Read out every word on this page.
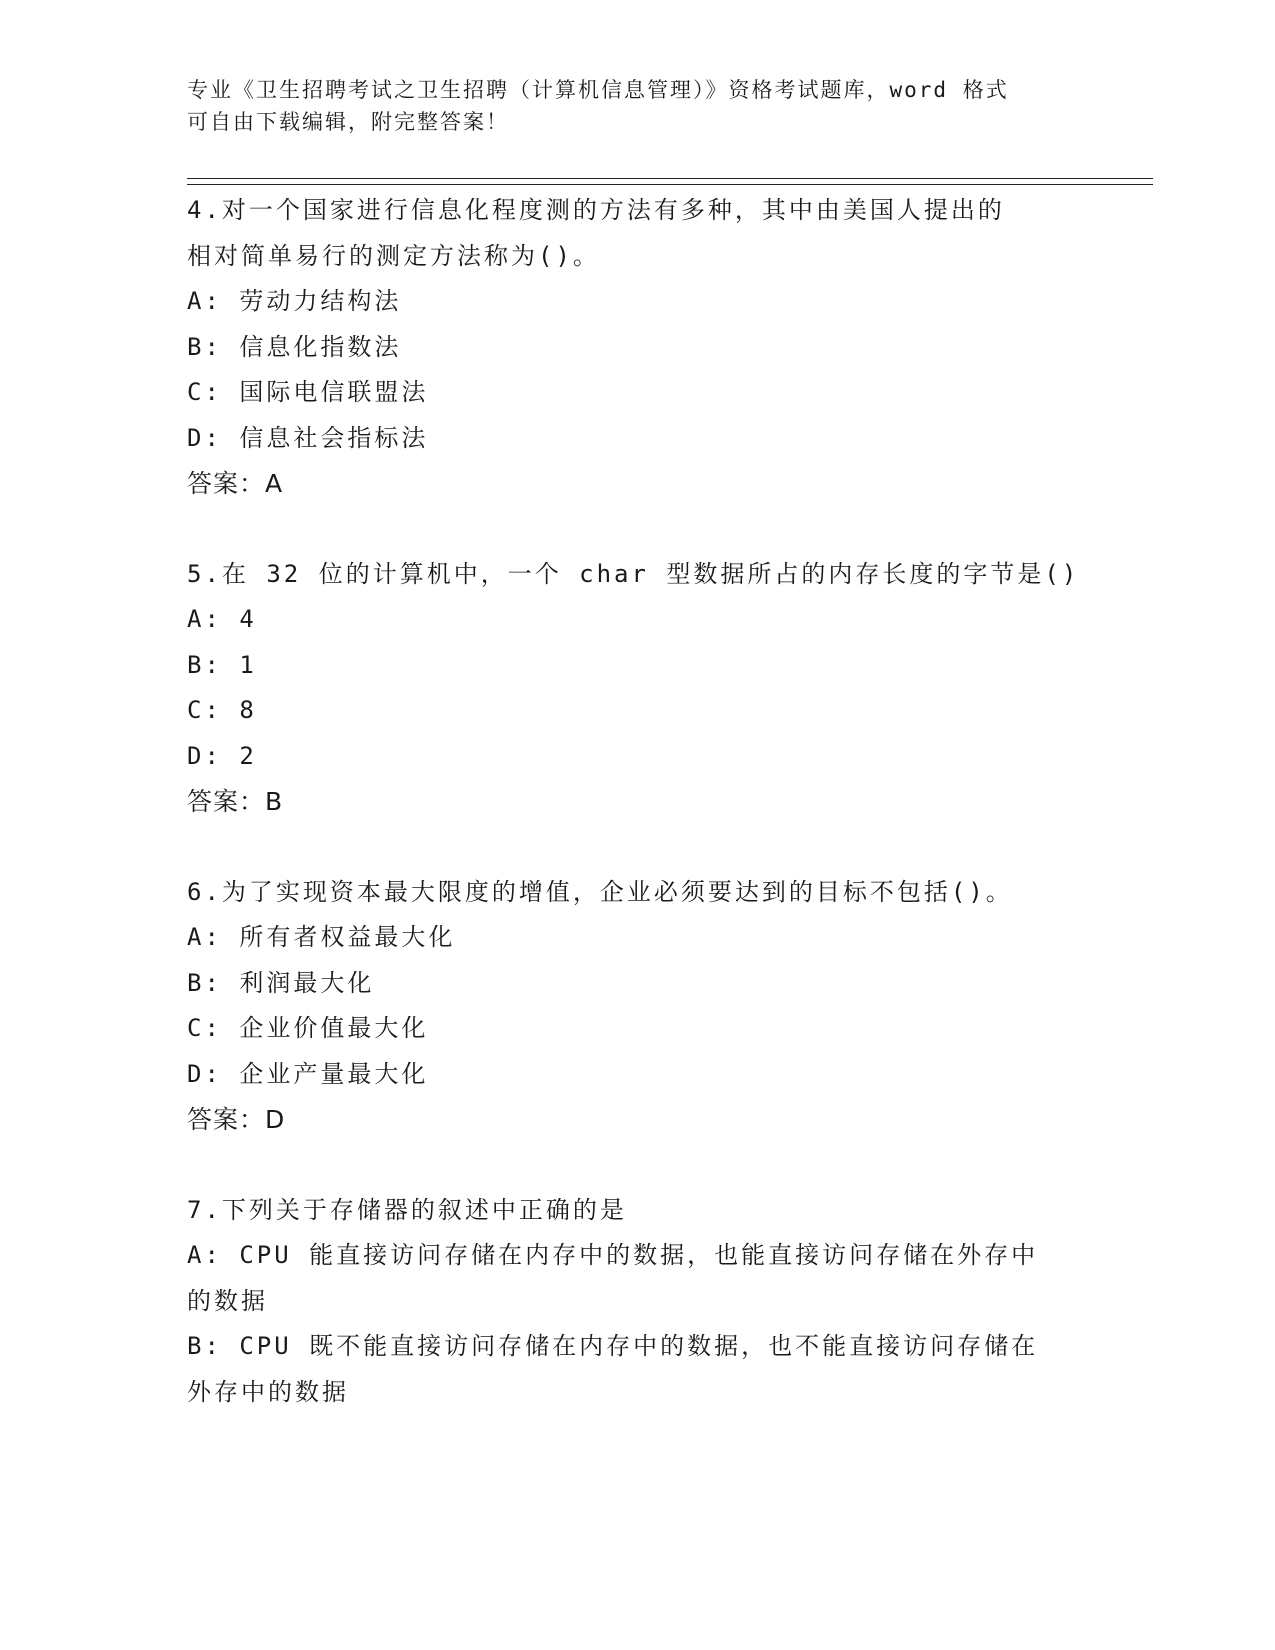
专业《卫生招聘考试之卫生招聘（计算机信息管理）》资格考试题库，word 格式
可自由下载编辑，附完整答案！
4.对一个国家进行信息化程度测的方法有多种，其中由美国人提出的
相对简单易行的测定方法称为()。
A: 劳动力结构法
B: 信息化指数法
C: 国际电信联盟法
D: 信息社会指标法
答案：A
5.在 32 位的计算机中，一个 char 型数据所占的内存长度的字节是()
A: 4
B: 1
C: 8
D: 2
答案：B
6.为了实现资本最大限度的增值，企业必须要达到的目标不包括()。
A: 所有者权益最大化
B: 利润最大化
C: 企业价值最大化
D: 企业产量最大化
答案：D
7.下列关于存储器的叙述中正确的是
A: CPU 能直接访问存储在内存中的数据，也能直接访问存储在外存中
的数据
B: CPU 既不能直接访问存储在内存中的数据，也不能直接访问存储在
外存中的数据
